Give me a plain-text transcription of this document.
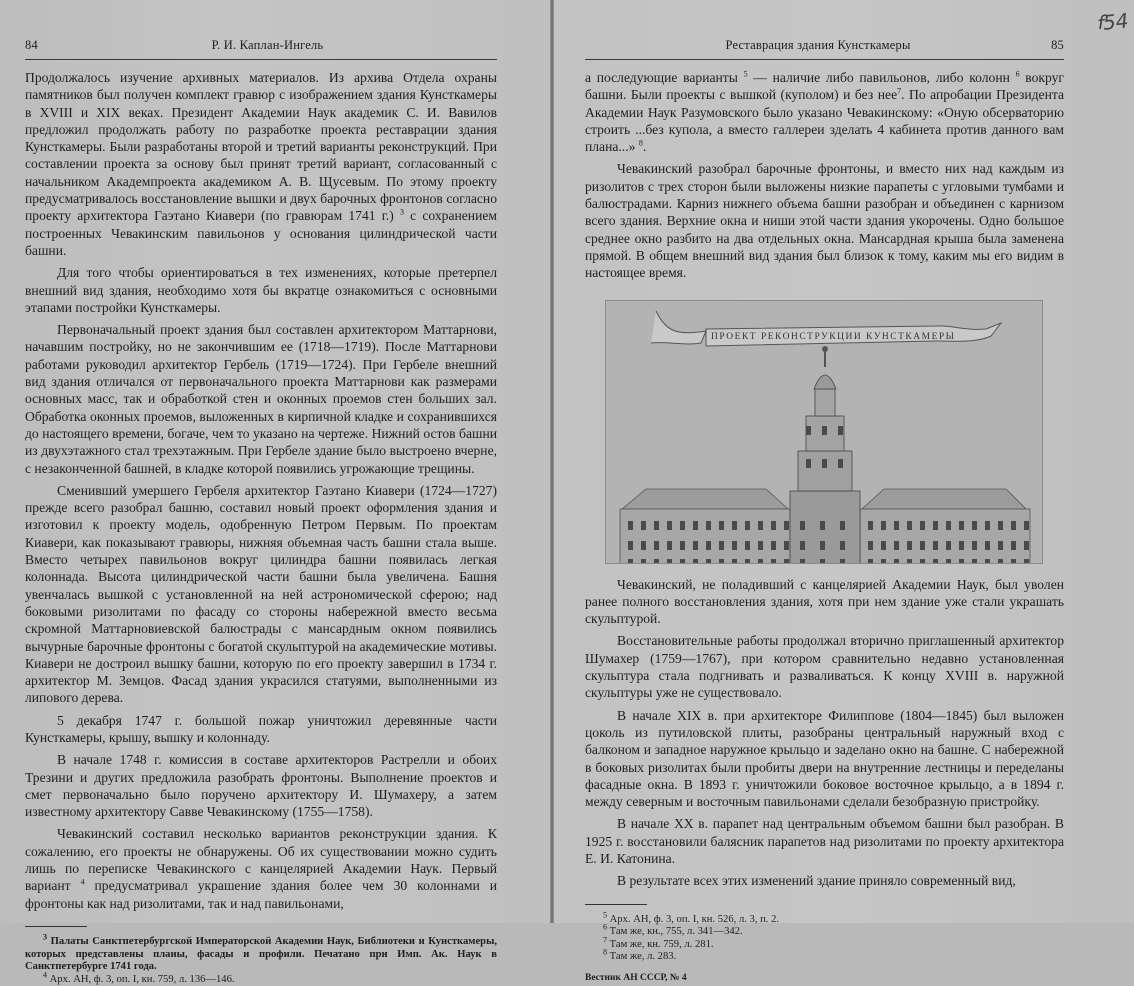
84	Р. И. Каплан-Ингель

Продолжалось изучение архивных материалов. Из архива Отдела охраны памятников был получен комплект гравюр с изображением здания Кунсткамеры в XVIII и XIX веках. Президент Академии Наук академик С. И. Вавилов предложил продолжать работу по разработке проекта реставрации здания Кунсткамеры. Были разработаны второй и третий варианты реконструкций. При составлении проекта за основу был принят третий вариант, согласованный с начальником Академпроекта академиком А. В. Щусевым. По этому проекту предусматривалось восстановление вышки и двух барочных фронтонов согласно проекту архитектора Гаэтано Киавери (по гравюрам 1741 г.) $^3$ с сохранением построенных Чевакинским павильонов у основания цилиндрической части башни.

Для того чтобы ориентироваться в тех изменениях, которые претерпел внешний вид здания, необходимо хотя бы вкратце ознакомиться с основными этапами постройки Кунсткамеры.

Первоначальный проект здания был составлен архитектором Маттарнови, начавшим постройку, но не закончившим ее (1718—1719). После Маттарнови работами руководил архитектор Гербель (1719—1724). При Гербеле внешний вид здания отличался от первоначального проекта Маттарнови как размерами основных масс, так и обработкой стен и оконных проемов стен больших зал. Обработка оконных проемов, выложенных в кирпичной кладке и сохранившихся до настоящего времени, богаче, чем то указано на чертеже. Нижний остов башни из двухэтажного стал трехэтажным. При Гербеле здание было выстроено вчерне, с незаконченной башней, в кладке которой появились угрожающие трещины.

Сменивший умершего Гербеля архитектор Гаэтано Киавери (1724—1727) прежде всего разобрал башню, составил новый проект оформления здания и изготовил к проекту модель, одобренную Петром Первым. По проектам Киавери, как показывают гравюры, нижняя объемная часть башни стала выше. Вместо четырех павильонов вокруг цилиндра башни появилась легкая колоннада. Высота цилиндрической части башни была увеличена. Башня увенчалась вышкой с установленной на ней астрономической сферою; над боковыми ризолитами по фасаду со стороны набережной вместо весьма скромной Маттарновиевской балюстрады с мансардным окном появились вычурные барочные фронтоны с богатой скульптурой на академические мотивы. Киавери не достроил вышку башни, которую по его проекту завершил в 1734 г. архитектор М. Земцов. Фасад здания украсился статуями, выполненными из липового дерева.

5 декабря 1747 г. большой пожар уничтожил деревянные части Кунсткамеры, крышу, вышку и колоннаду.

В начале 1748 г. комиссия в составе архитекторов Растрелли и обоих Трезини и других предложила разобрать фронтоны. Выполнение проектов и смет первоначально было поручено архитектору И. Шумахеру, а затем известному архитектору Савве Чевакинскому (1755—1758).

Чевакинский составил несколько вариантов реконструкции здания. К сожалению, его проекты не обнаружены. Об их существовании можно судить лишь по переписке Чевакинского с канцелярией Академии Наук. Первый вариант $^4$ предусматривал украшение здания более чем 30 колоннами и фронтоны как над ризолитами, так и над павильонами,

$^3$ Палаты Санктпетербургской Императорской Академии Наук, Библиотеки и Кунсткамеры, которых представлены планы, фасады и профили. Печатано при Имп. Ак. Наук в Санктпетербурге 1741 года.

$^4$ Арх. АН, ф. 3, оп. I, кн. 759, л. 136—146.

Реставрация здания Кунсткамеры	85
ꬵ54

а последующие варианты $^5$ — наличие либо павильонов, либо колонн $^6$ вокруг башни. Были проекты с вышкой (куполом) и без нее$^7$. По апробации Президента Академии Наук Разумовского было указано Чевакинскому: «Оную обсерваторию строить ...без купола, а вместо галлереи зделать 4 кабинета против данного вам плана...» $^8$.

Чевакинский разобрал барочные фронтоны, и вместо них над каждым из ризолитов с трех сторон были выложены низкие парапеты с угловыми тумбами и балюстрадами. Карниз нижнего объема башни разобран и объединен с карнизом всего здания. Верхние окна и ниши этой части здания укорочены. Одно большое среднее окно разбито на два отдельных окна. Мансардная крыша была заменена прямой. В общем внешний вид здания был близок к тому, каким мы его видим в настоящее время.

ПРОЕКТ РЕКОНСТРУКЦИИ КУНСТКАМЕРЫ

Чевакинский, не поладивший с канцелярией Академии Наук, был уволен ранее полного восстановления здания, хотя при нем здание уже стали украшать скульптурой.

Восстановительные работы продолжал вторично приглашенный архитектор Шумахер (1759—1767), при котором сравнительно недавно установленная скульптура стала подгнивать и разваливаться. К концу XVIII в. наружной скульптуры уже не существовало.

В начале XIX в. при архитекторе Филиппове (1804—1845) был выложен цоколь из путиловской плиты, разобраны центральный наружный вход с балконом и западное наружное крыльцо и заделано окно на башне. С набережной в боковых ризолитах были пробиты двери на внутренние лестницы и переделаны фасадные окна. В 1893 г. уничтожили боковое восточное крыльцо, а в 1894 г. между северным и восточным павильонами сделали безобразную пристройку.

В начале XX в. парапет над центральным объемом башни был разобран. В 1925 г. восстановили балясник парапетов над ризолитами по проекту архитектора Е. И. Катонина.

В результате всех этих изменений здание приняло современный вид,

$^5$ Арх. АН, ф. 3, оп. I, кн. 526, л. 3, п. 2.

$^6$ Там же, кн., 755, л. 341—342.

$^7$ Там же, кн. 759, л. 281.

$^8$ Там же, л. 283.

Вестник АН СССР, № 4
